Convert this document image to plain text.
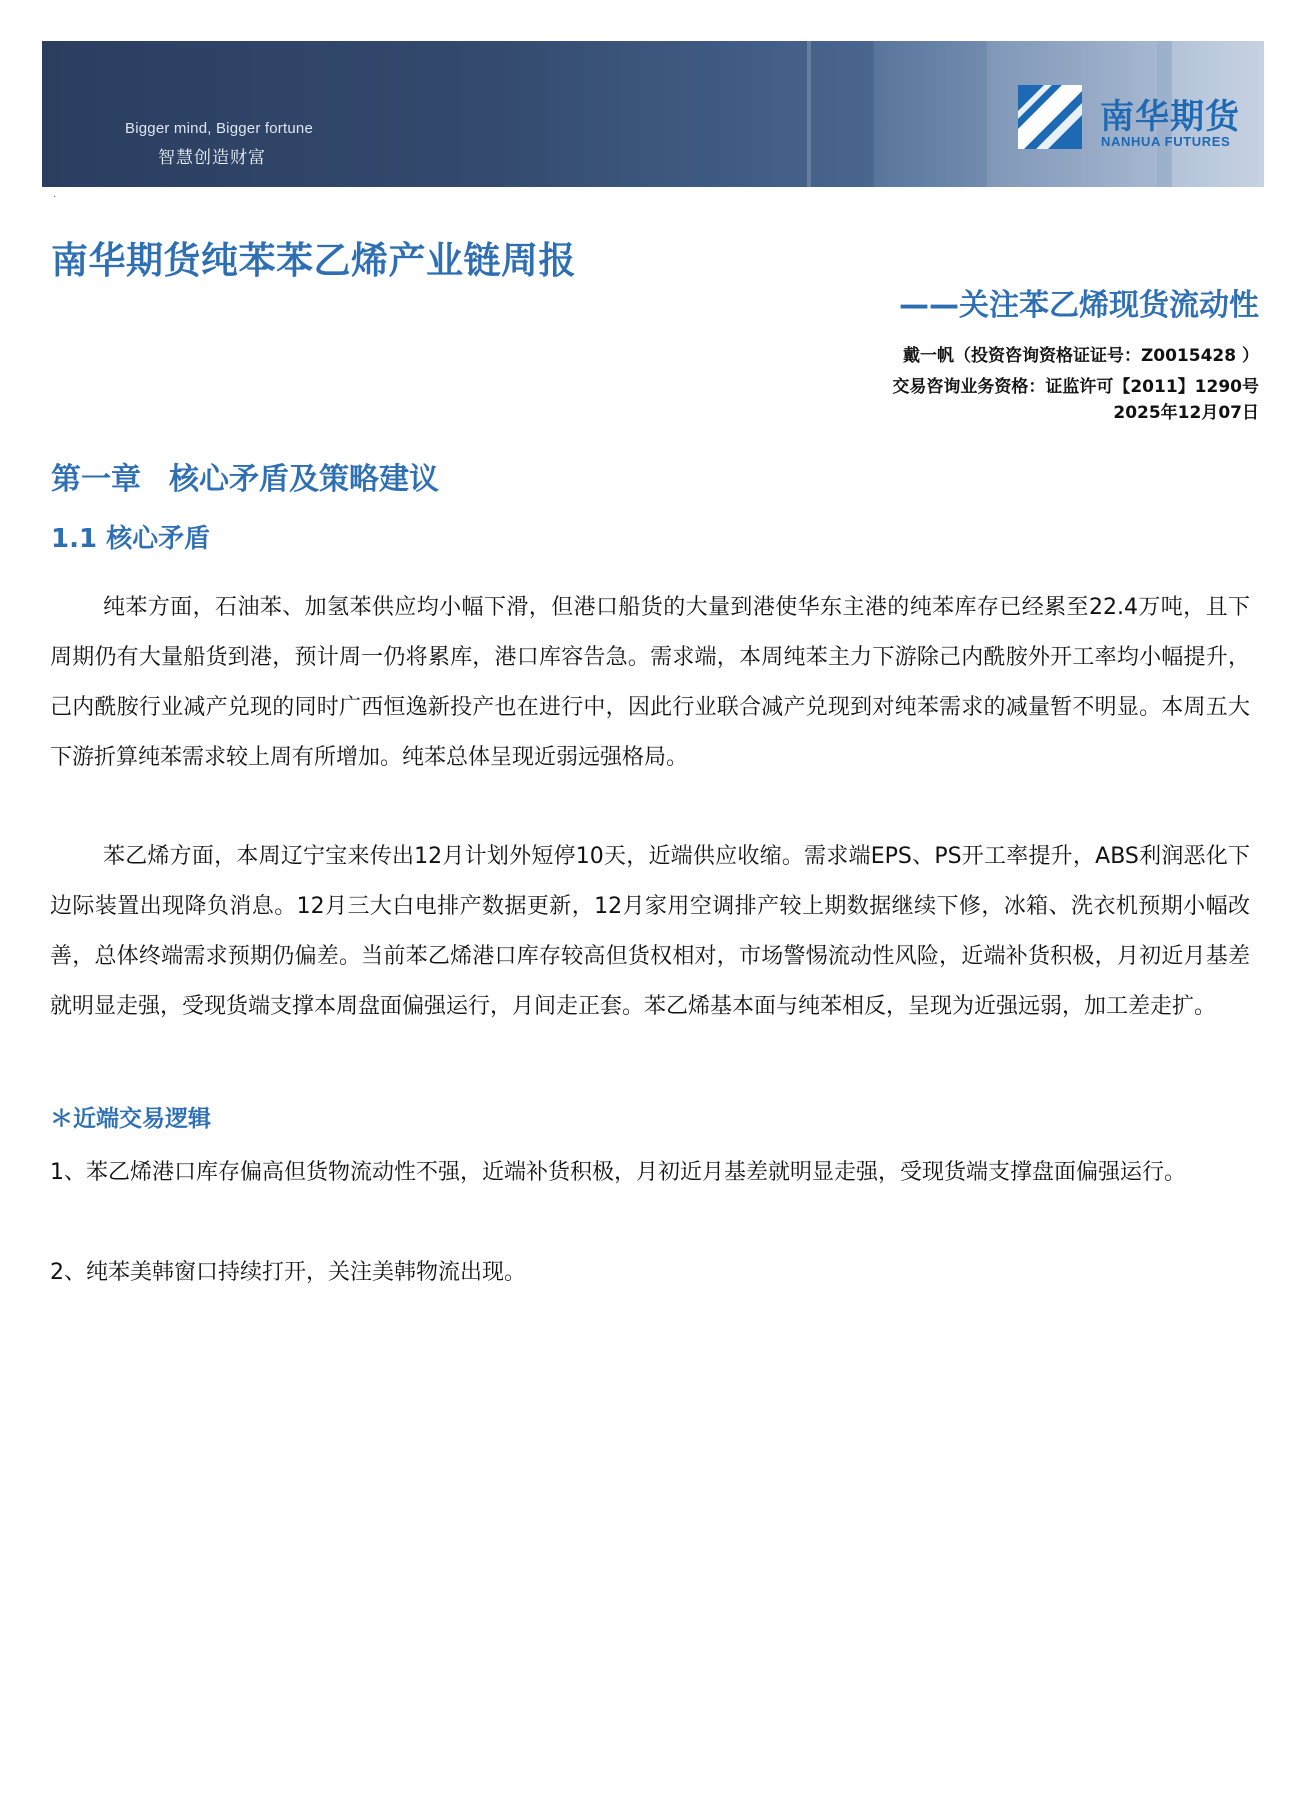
Bigger mind, Bigger fortune
智慧创造财富
南华期货
NANHUA FUTURES
·
南华期货纯苯苯乙烯产业链周报
——关注苯乙烯现货流动性
戴一帆（投资咨询资格证证号：Z0015428 ）
交易咨询业务资格：证监许可【2011】1290号
2025年12月07日
第一章 核心矛盾及策略建议
1.1 核心矛盾
纯苯方面，石油苯、加氢苯供应均小幅下滑，但港口船货的大量到港使华东主港的纯苯库存已经累至22.4万吨，且下周期仍有大量船货到港，预计周一仍将累库，港口库容告急。需求端，本周纯苯主力下游除己内酰胺外开工率均小幅提升，己内酰胺行业减产兑现的同时广西恒逸新投产也在进行中，因此行业联合减产兑现到对纯苯需求的减量暂不明显。本周五大下游折算纯苯需求较上周有所增加。纯苯总体呈现近弱远强格局。
苯乙烯方面，本周辽宁宝来传出12月计划外短停10天，近端供应收缩。需求端EPS、PS开工率提升，ABS利润恶化下边际装置出现降负消息。12月三大白电排产数据更新，12月家用空调排产较上期数据继续下修，冰箱、洗衣机预期小幅改善，总体终端需求预期仍偏差。当前苯乙烯港口库存较高但货权相对，市场警惕流动性风险，近端补货积极，月初近月基差就明显走强，受现货端支撑本周盘面偏强运行，月间走正套。苯乙烯基本面与纯苯相反，呈现为近强远弱，加工差走扩。
＊近端交易逻辑
1、苯乙烯港口库存偏高但货物流动性不强，近端补货积极，月初近月基差就明显走强，受现货端支撑盘面偏强运行。
2、纯苯美韩窗口持续打开，关注美韩物流出现。
